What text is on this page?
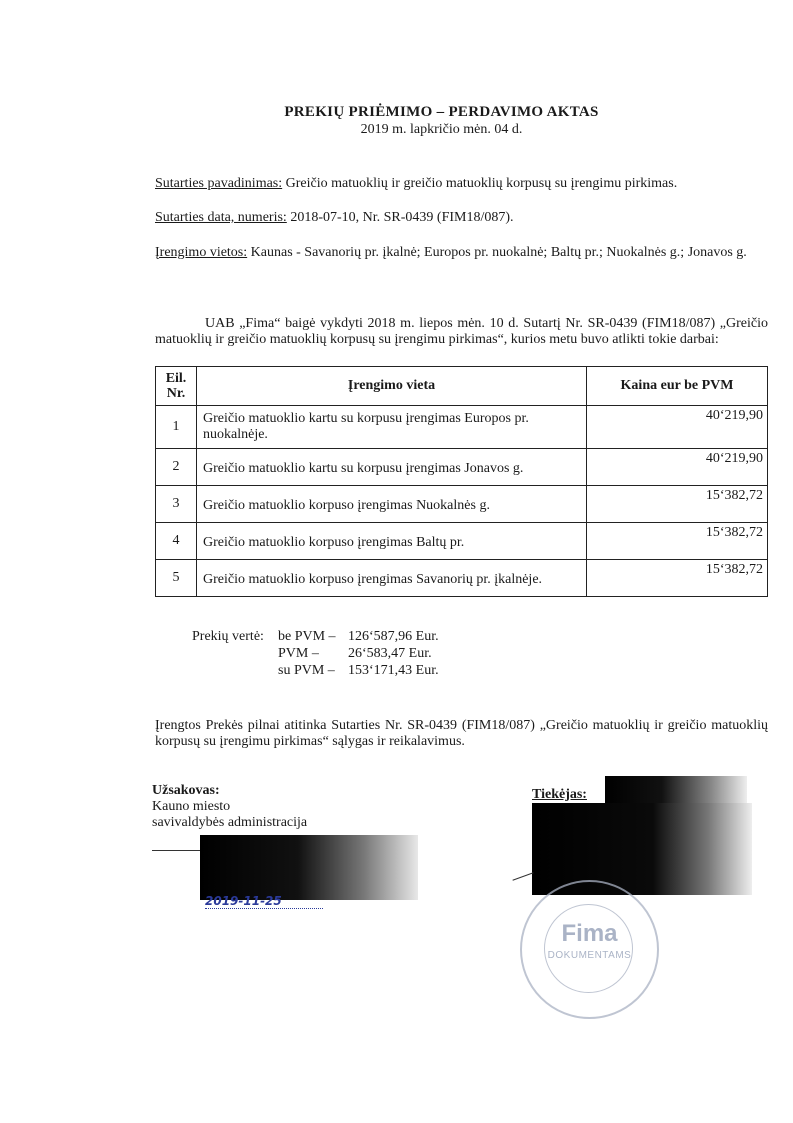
PREKIŲ PRIĖMIMO – PERDAVIMO AKTAS
2019 m. lapkričio mėn. 04 d.
Sutarties pavadinimas: Greičio matuoklių ir greičio matuoklių korpusų su įrengimu pirkimas.
Sutarties data, numeris: 2018-07-10, Nr. SR-0439 (FIM18/087).
Įrengimo vietos: Kaunas - Savanorių pr. įkalnė; Europos pr. nuokalnė; Baltų pr.; Nuokalnės g.; Jonavos g.
UAB „Fima“ baigė vykdyti 2018 m. liepos mėn. 10 d. Sutartį Nr. SR-0439 (FIM18/087) „Greičio matuoklių ir greičio matuoklių korpusų su įrengimu pirkimas“, kurios metu buvo atlikti tokie darbai:
Eil. Nr.	Įrengimo vieta	Kaina eur be PVM
1	Greičio matuoklio kartu su korpusu įrengimas Europos pr. nuokalnėje.	40‘219,90
2	Greičio matuoklio kartu su korpusu įrengimas Jonavos g.	40‘219,90
3	Greičio matuoklio korpuso įrengimas Nuokalnės g.	15‘382,72
4	Greičio matuoklio korpuso įrengimas Baltų pr.	15‘382,72
5	Greičio matuoklio korpuso įrengimas Savanorių pr. įkalnėje.	15‘382,72
Prekių vertė: be PVM – 126‘587,96 Eur.
PVM – 26‘583,47 Eur.
su PVM – 153‘171,43 Eur.
Įrengtos Prekės pilnai atitinka Sutarties Nr. SR-0439 (FIM18/087) „Greičio matuoklių ir greičio matuoklių korpusų su įrengimu pirkimas“ sąlygas ir reikalavimus.
Užsakovas:
Kauno miesto
savivaldybės administracija
2019-11-25
Tiekėjas:
Fima
DOKUMENTAMS
